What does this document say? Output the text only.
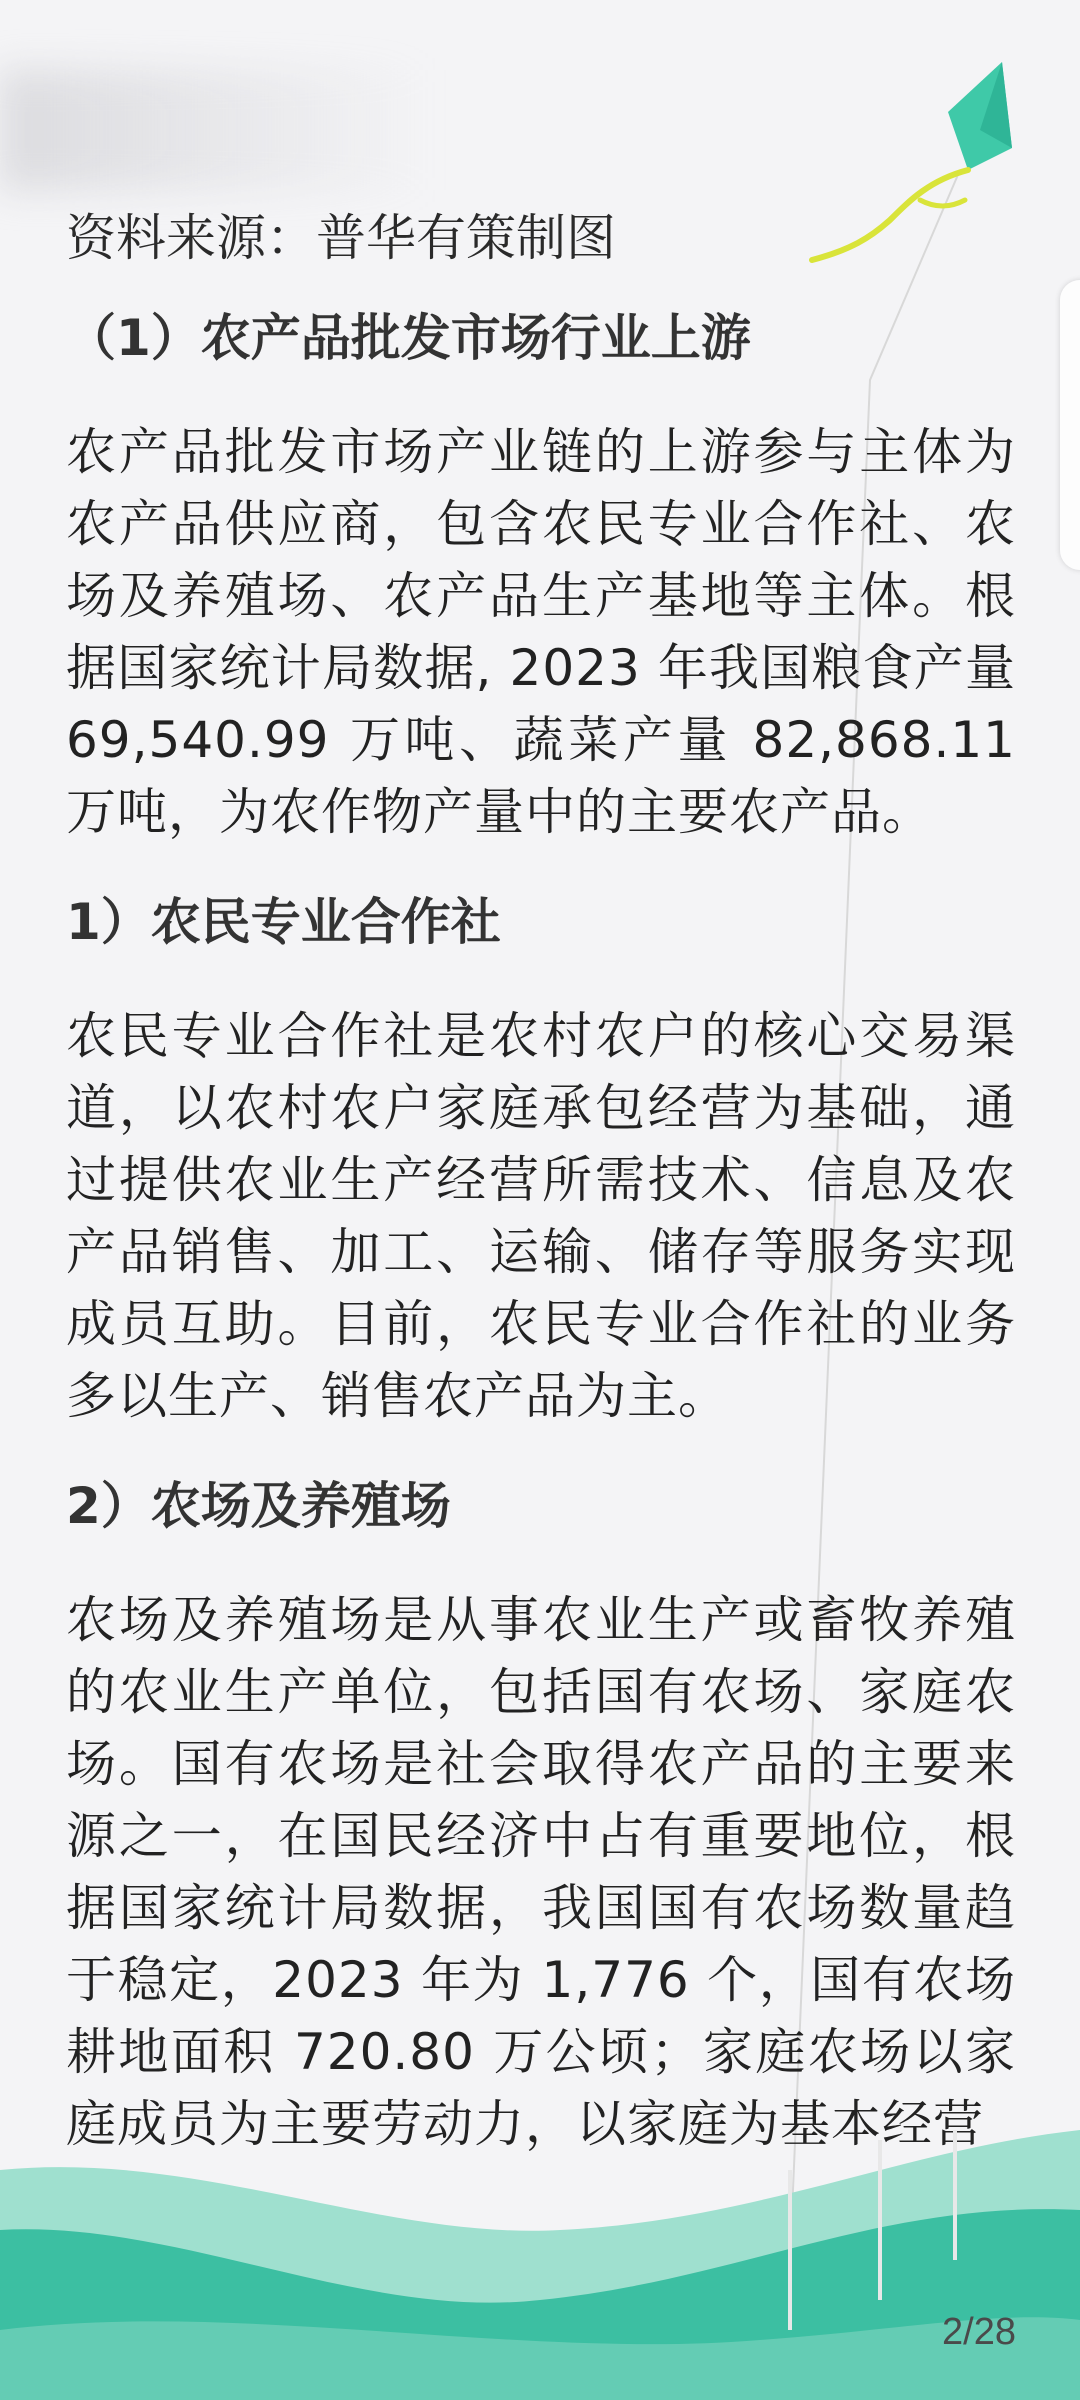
资料来源：普华有策制图

（1）农产品批发市场行业上游

农产品批发市场产业链的上游参与主体为农产品供应商，包含农民专业合作社、农场及养殖场、农产品生产基地等主体。根据国家统计局数据, 2023 年我国粮食产量 69,540.99 万吨、蔬菜产量 82,868.11 万吨，为农作物产量中的主要农产品。

1）农民专业合作社

农民专业合作社是农村农户的核心交易渠道，以农村农户家庭承包经营为基础，通过提供农业生产经营所需技术、信息及农产品销售、加工、运输、储存等服务实现成员互助。目前，农民专业合作社的业务多以生产、销售农产品为主。

2）农场及养殖场

农场及养殖场是从事农业生产或畜牧养殖的农业生产单位，包括国有农场、家庭农场。国有农场是社会取得农产品的主要来源之一，在国民经济中占有重要地位，根据国家统计局数据，我国国有农场数量趋于稳定，2023 年为 1,776 个，国有农场耕地面积 720.80 万公顷；家庭农场以家庭成员为主要劳动力，以家庭为基本经营

2/28
